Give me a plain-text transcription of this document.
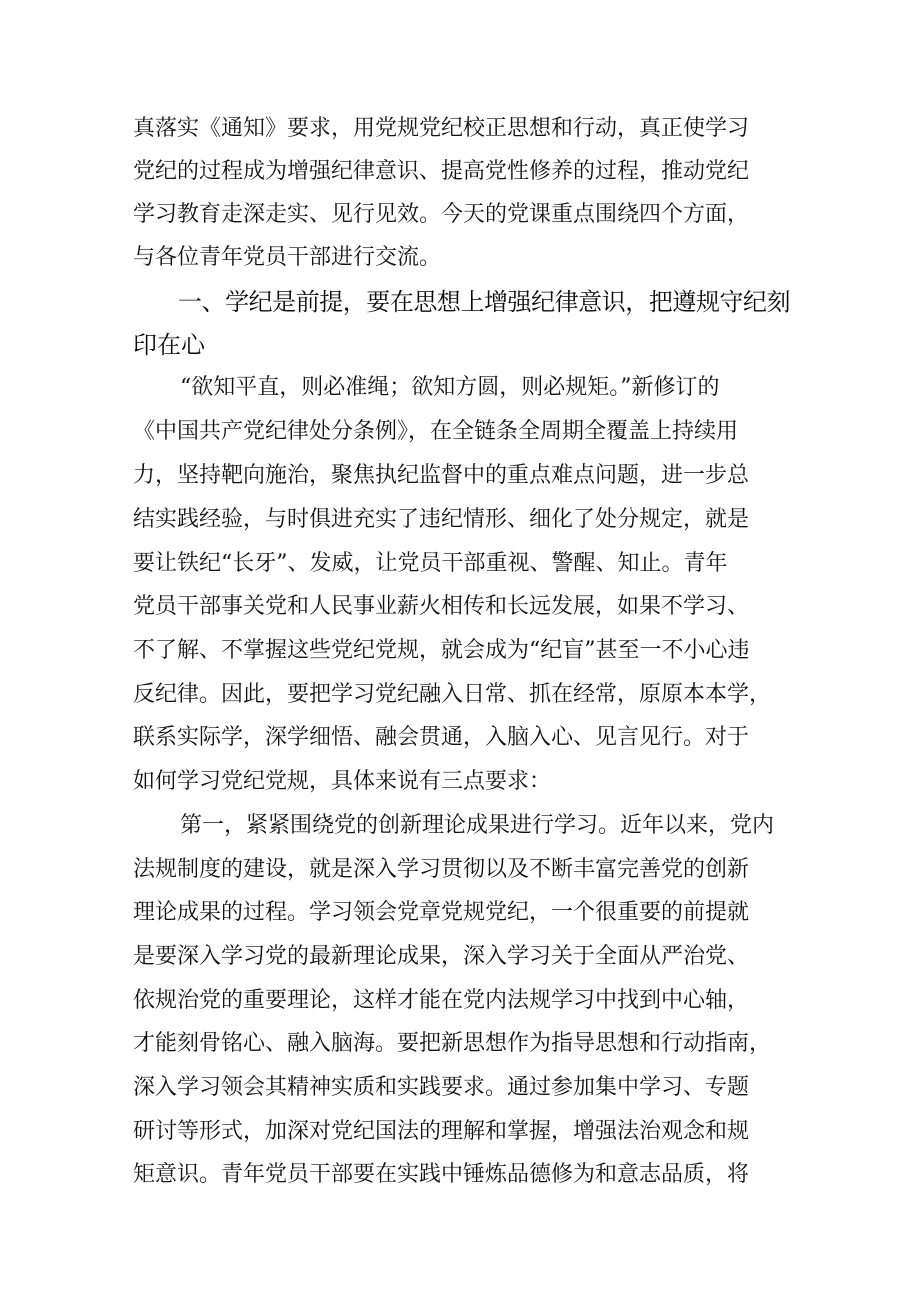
真落实《通知》要求，用党规党纪校正思想和行动，真正使学习

党纪的过程成为增强纪律意识、提高党性修养的过程，推动党纪

学习教育走深走实、见行见效。今天的党课重点围绕四个方面，

与各位青年党员干部进行交流。

一、学纪是前提，要在思想上增强纪律意识，把遵规守纪刻

印在心

“欲知平直，则必准绳；欲知方圆，则必规矩。”新修订的

《中国共产党纪律处分条例》，在全链条全周期全覆盖上持续用

力，坚持靶向施治，聚焦执纪监督中的重点难点问题，进一步总

结实践经验，与时俱进充实了违纪情形、细化了处分规定，就是

要让铁纪“长牙”、发威，让党员干部重视、警醒、知止。青年

党员干部事关党和人民事业薪火相传和长远发展，如果不学习、

不了解、不掌握这些党纪党规，就会成为“纪盲”甚至一不小心违

反纪律。因此，要把学习党纪融入日常、抓在经常，原原本本学，

联系实际学，深学细悟、融会贯通，入脑入心、见言见行。对于

如何学习党纪党规，具体来说有三点要求：

第一，紧紧围绕党的创新理论成果进行学习。近年以来，党内

法规制度的建设，就是深入学习贯彻以及不断丰富完善党的创新

理论成果的过程。学习领会党章党规党纪，一个很重要的前提就

是要深入学习党的最新理论成果，深入学习关于全面从严治党、

依规治党的重要理论，这样才能在党内法规学习中找到中心轴，

才能刻骨铭心、融入脑海。要把新思想作为指导思想和行动指南，

深入学习领会其精神实质和实践要求。通过参加集中学习、专题

研讨等形式，加深对党纪国法的理解和掌握，增强法治观念和规

矩意识。青年党员干部要在实践中锤炼品德修为和意志品质，将
